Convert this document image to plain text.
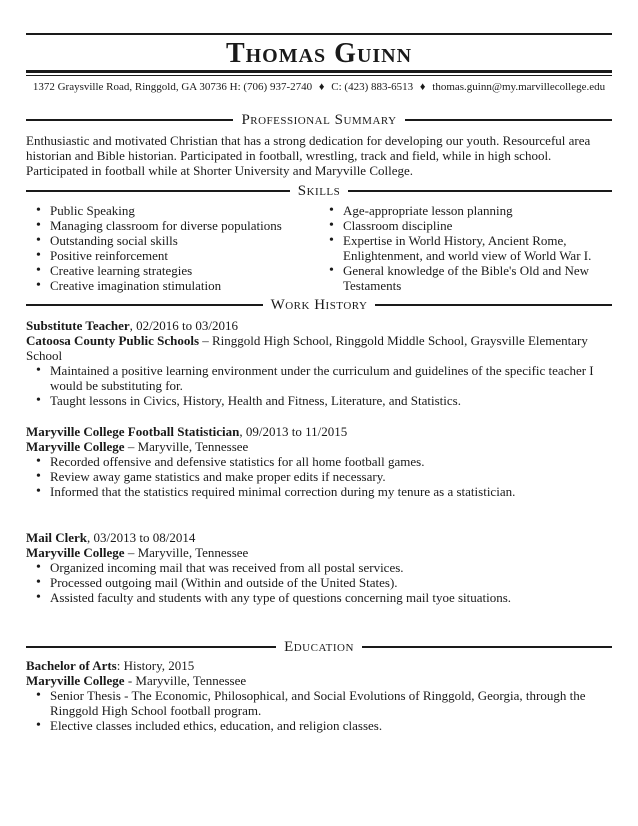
Thomas Guinn
1372 Graysville Road, Ringgold, GA 30736 H: (706) 937-2740 ♦ C: (423) 883-6513 ♦ thomas.guinn@my.marvillecollege.edu
Professional Summary
Enthusiastic and motivated Christian that has a strong dedication for developing our youth. Resourceful area historian and Bible historian. Participated in football, wrestling, track and field, while in high school. Participated in football while at Shorter University and Maryville College.
Skills
• Public Speaking
• Managing classroom for diverse populations
• Outstanding social skills
• Positive reinforcement
• Creative learning strategies
• Creative imagination stimulation
• Age-appropriate lesson planning
• Classroom discipline
• Expertise in World History, Ancient Rome, Enlightenment, and world view of World War I.
• General knowledge of the Bible's Old and New Testaments
Work History
Substitute Teacher, 02/2016 to 03/2016
Catoosa County Public Schools – Ringgold High School, Ringgold Middle School, Graysville Elementary School
• Maintained a positive learning environment under the curriculum and guidelines of the specific teacher I would be substituting for.
• Taught lessons in Civics, History, Health and Fitness, Literature, and Statistics.
Maryville College Football Statistician, 09/2013 to 11/2015
Maryville College – Maryville, Tennessee
• Recorded offensive and defensive statistics for all home football games.
• Review away game statistics and make proper edits if necessary.
• Informed that the statistics required minimal correction during my tenure as a statistician.
Mail Clerk, 03/2013 to 08/2014
Maryville College – Maryville, Tennessee
• Organized incoming mail that was received from all postal services.
• Processed outgoing mail (Within and outside of the United States).
• Assisted faculty and students with any type of questions concerning mail tyoe situations.
Education
Bachelor of Arts: History, 2015
Maryville College - Maryville, Tennessee
• Senior Thesis - The Economic, Philosophical, and Social Evolutions of Ringgold, Georgia, through the Ringgold High School football program.
• Elective classes included ethics, education, and religion classes.
